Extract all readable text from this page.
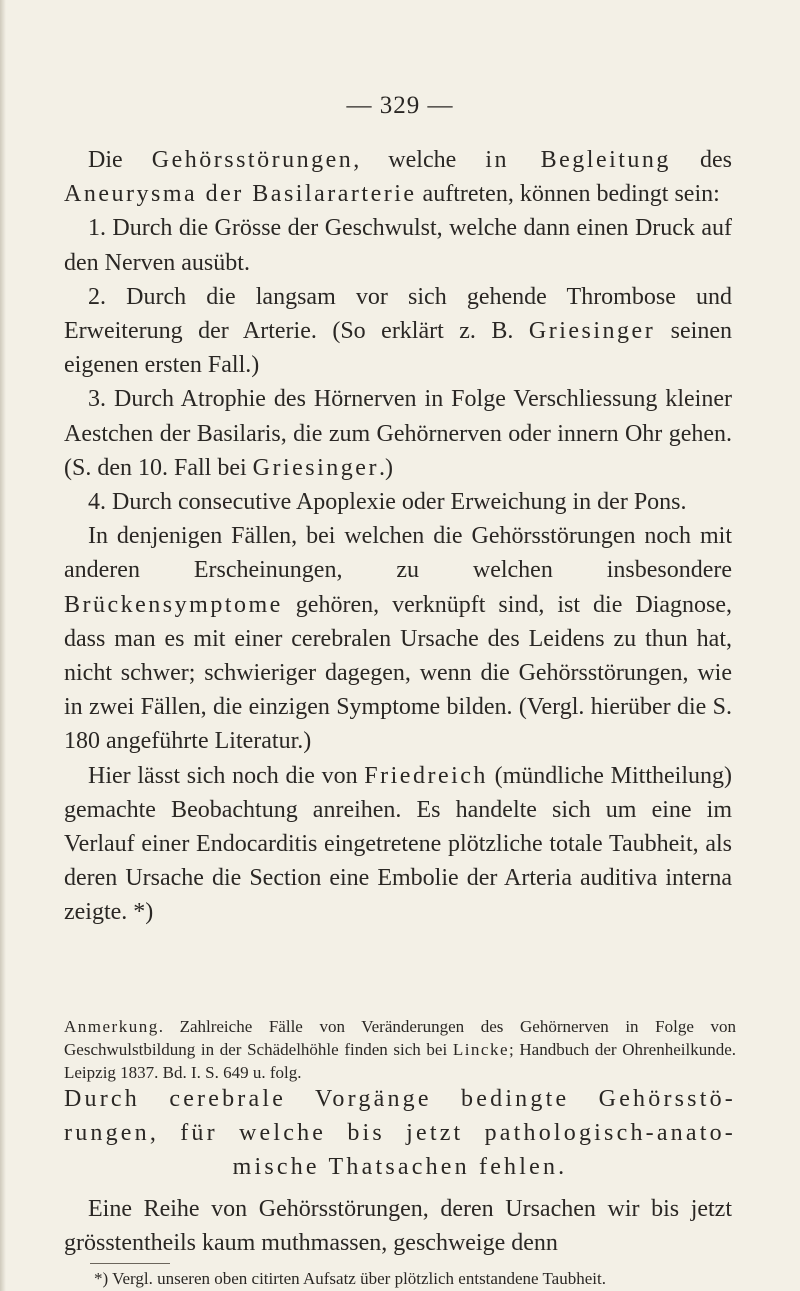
— 329 —

Die Gehörsstörungen, welche in Begleitung des Aneurysma der Basilararterie auftreten, können bedingt sein:

1. Durch die Grösse der Geschwulst, welche dann einen Druck auf den Nerven ausübt.

2. Durch die langsam vor sich gehende Thrombose und Erweiterung der Arterie. (So erklärt z. B. Griesinger seinen eigenen ersten Fall.)

3. Durch Atrophie des Hörnerven in Folge Verschliessung kleiner Aestchen der Basilaris, die zum Gehörnerven oder innern Ohr gehen. (S. den 10. Fall bei Griesinger.)

4. Durch consecutive Apoplexie oder Erweichung in der Pons.

In denjenigen Fällen, bei welchen die Gehörsstörungen noch mit anderen Erscheinungen, zu welchen insbesondere Brückensymptome gehören, verknüpft sind, ist die Diagnose, dass man es mit einer cerebralen Ursache des Leidens zu thun hat, nicht schwer; schwieriger dagegen, wenn die Gehörsstörungen, wie in zwei Fällen, die einzigen Symptome bilden. (Vergl. hierüber die S. 180 angeführte Literatur.)

Hier lässt sich noch die von Friedreich (mündliche Mittheilung) gemachte Beobachtung anreihen. Es handelte sich um eine im Verlauf einer Endocarditis eingetretene plötzliche totale Taubheit, als deren Ursache die Section eine Embolie der Arteria auditiva interna zeigte. *)

Anmerkung. Zahlreiche Fälle von Veränderungen des Gehörnerven in Folge von Geschwulstbildung in der Schädelhöhle finden sich bei Lincke; Handbuch der Ohrenheilkunde. Leipzig 1837. Bd. I. S. 649 u. folg.
Durch cerebrale Vorgänge bedingte Gehörsstö-
rungen, für welche bis jetzt pathologisch-anato-
mische Thatsachen fehlen.

Eine Reihe von Gehörsstörungen, deren Ursachen wir bis jetzt grösstentheils kaum muthmassen, geschweige denn

*) Vergl. unseren oben citirten Aufsatz über plötzlich entstandene Taubheit.
